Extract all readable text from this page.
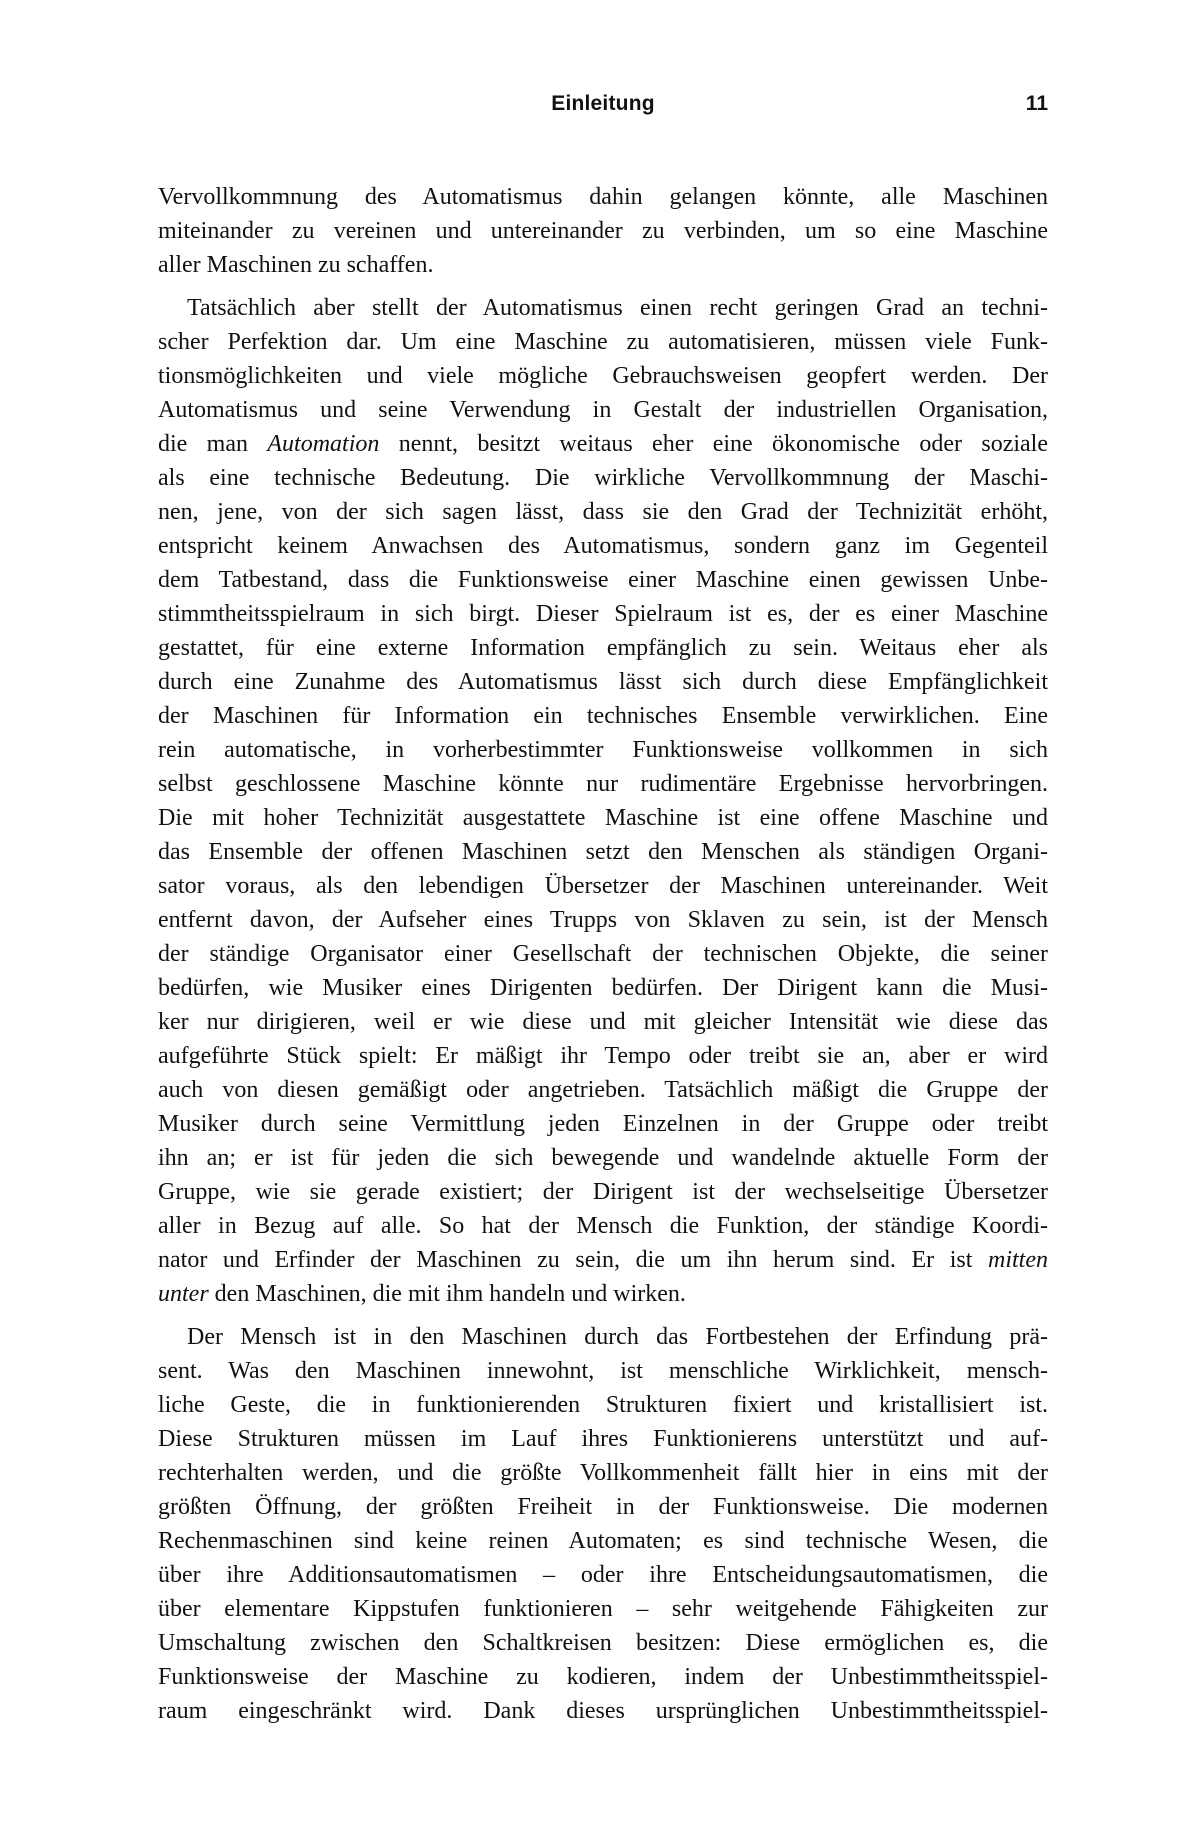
Einleitung	11
Vervollkommnung des Automatismus dahin gelangen könnte, alle Maschinen
miteinander zu vereinen und untereinander zu verbinden, um so eine Maschine
aller Maschinen zu schaffen.
Tatsächlich aber stellt der Automatismus einen recht geringen Grad an techni-
scher Perfektion dar. Um eine Maschine zu automatisieren, müssen viele Funk-
tionsmöglichkeiten und viele mögliche Gebrauchsweisen geopfert werden. Der
Automatismus und seine Verwendung in Gestalt der industriellen Organisation,
die man Automation nennt, besitzt weitaus eher eine ökonomische oder soziale
als eine technische Bedeutung. Die wirkliche Vervollkommnung der Maschi-
nen, jene, von der sich sagen lässt, dass sie den Grad der Technizität erhöht,
entspricht keinem Anwachsen des Automatismus, sondern ganz im Gegenteil
dem Tatbestand, dass die Funktionsweise einer Maschine einen gewissen Unbe-
stimmtheitsspielraum in sich birgt. Dieser Spielraum ist es, der es einer Maschine
gestattet, für eine externe Information empfänglich zu sein. Weitaus eher als
durch eine Zunahme des Automatismus lässt sich durch diese Empfänglichkeit
der Maschinen für Information ein technisches Ensemble verwirklichen. Eine
rein automatische, in vorherbestimmter Funktionsweise vollkommen in sich
selbst geschlossene Maschine könnte nur rudimentäre Ergebnisse hervorbringen.
Die mit hoher Technizität ausgestattete Maschine ist eine offene Maschine und
das Ensemble der offenen Maschinen setzt den Menschen als ständigen Organi-
sator voraus, als den lebendigen Übersetzer der Maschinen untereinander. Weit
entfernt davon, der Aufseher eines Trupps von Sklaven zu sein, ist der Mensch
der ständige Organisator einer Gesellschaft der technischen Objekte, die seiner
bedürfen, wie Musiker eines Dirigenten bedürfen. Der Dirigent kann die Musi-
ker nur dirigieren, weil er wie diese und mit gleicher Intensität wie diese das
aufgeführte Stück spielt: Er mäßigt ihr Tempo oder treibt sie an, aber er wird
auch von diesen gemäßigt oder angetrieben. Tatsächlich mäßigt die Gruppe der
Musiker durch seine Vermittlung jeden Einzelnen in der Gruppe oder treibt
ihn an; er ist für jeden die sich bewegende und wandelnde aktuelle Form der
Gruppe, wie sie gerade existiert; der Dirigent ist der wechselseitige Übersetzer
aller in Bezug auf alle. So hat der Mensch die Funktion, der ständige Koordi-
nator und Erfinder der Maschinen zu sein, die um ihn herum sind. Er ist mitten
unter den Maschinen, die mit ihm handeln und wirken.
Der Mensch ist in den Maschinen durch das Fortbestehen der Erfindung prä-
sent. Was den Maschinen innewohnt, ist menschliche Wirklichkeit, mensch-
liche Geste, die in funktionierenden Strukturen fixiert und kristallisiert ist.
Diese Strukturen müssen im Lauf ihres Funktionierens unterstützt und auf-
rechterhalten werden, und die größte Vollkommenheit fällt hier in eins mit der
größten Öffnung, der größten Freiheit in der Funktionsweise. Die modernen
Rechenmaschinen sind keine reinen Automaten; es sind technische Wesen, die
über ihre Additionsautomatismen – oder ihre Entscheidungsautomatismen, die
über elementare Kippstufen funktionieren – sehr weitgehende Fähigkeiten zur
Umschaltung zwischen den Schaltkreisen besitzen: Diese ermöglichen es, die
Funktionsweise der Maschine zu kodieren, indem der Unbestimmtheitsspiel-
raum eingeschränkt wird. Dank dieses ursprünglichen Unbestimmtheitsspiel-
